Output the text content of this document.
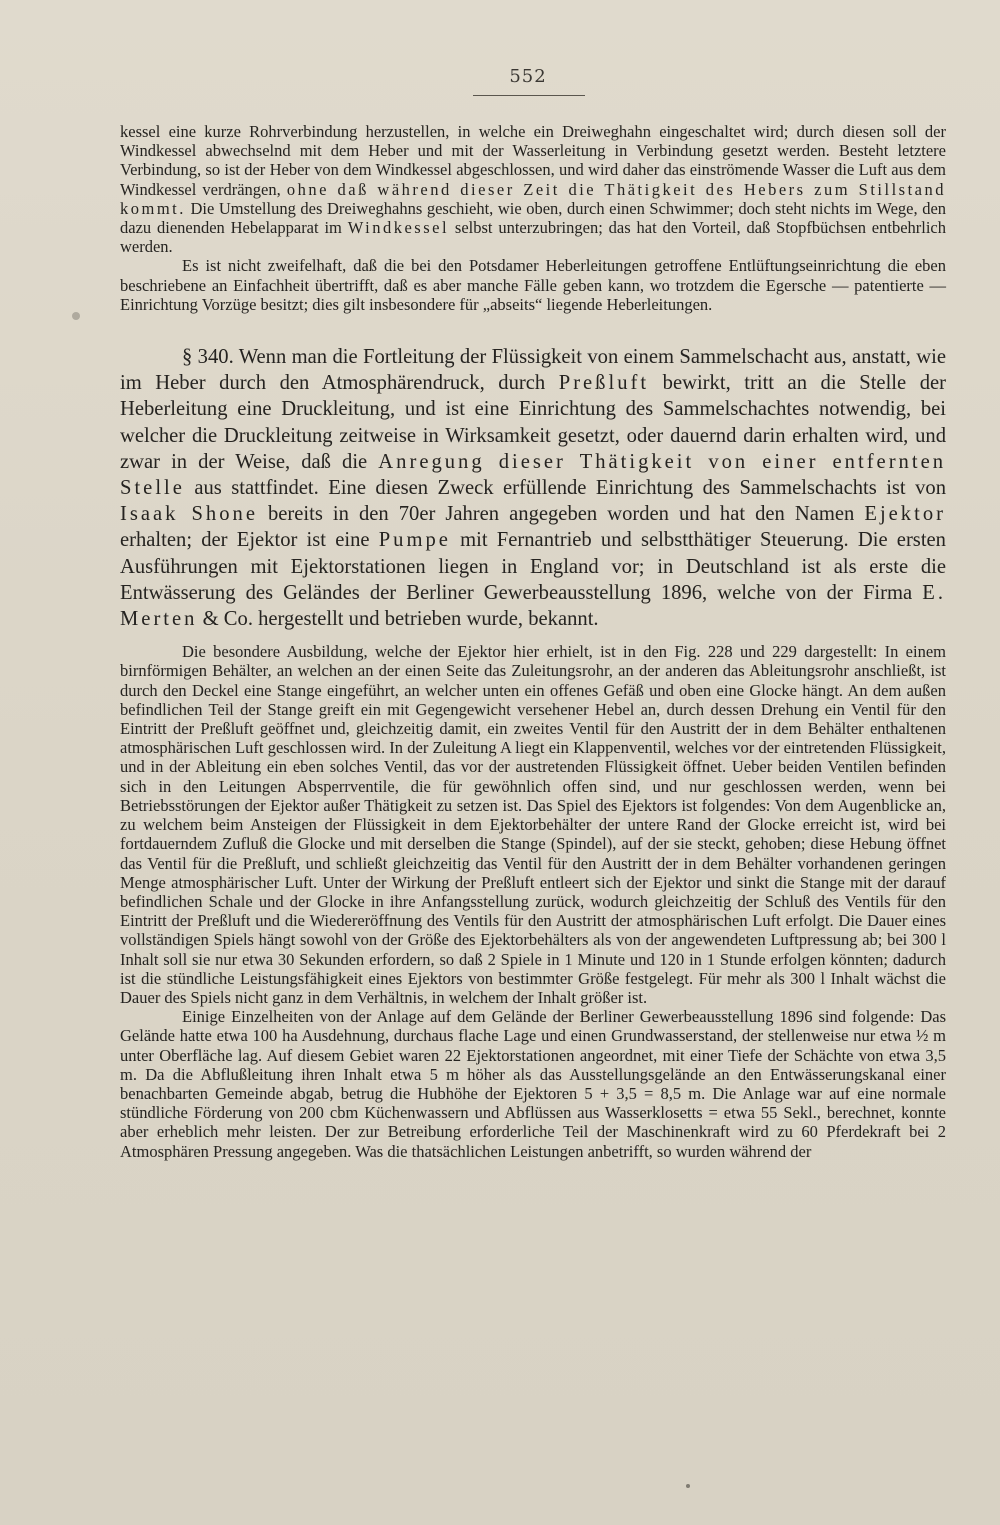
552

kessel eine kurze Rohrverbindung herzustellen, in welche ein Dreiweghahn eingeschaltet wird; durch diesen soll der Windkessel abwechselnd mit dem Heber und mit der Wasserleitung in Verbindung gesetzt werden. Besteht letztere Verbindung, so ist der Heber von dem Windkessel abgeschlossen, und wird daher das einströmende Wasser die Luft aus dem Windkessel verdrängen, ohne daß während dieser Zeit die Thätigkeit des Hebers zum Stillstand kommt. Die Umstellung des Dreiweghahns geschieht, wie oben, durch einen Schwimmer; doch steht nichts im Wege, den dazu dienenden Hebelapparat im Windkessel selbst unterzubringen; das hat den Vorteil, daß Stopfbüchsen entbehrlich werden.

Es ist nicht zweifelhaft, daß die bei den Potsdamer Heberleitungen getroffene Entlüftungseinrichtung die eben beschriebene an Einfachheit übertrifft, daß es aber manche Fälle geben kann, wo trotzdem die Egersche — patentierte — Einrichtung Vorzüge besitzt; dies gilt insbesondere für „abseits“ liegende Heberleitungen.

§ 340. Wenn man die Fortleitung der Flüssigkeit von einem Sammelschacht aus, anstatt, wie im Heber durch den Atmosphärendruck, durch Preßluft bewirkt, tritt an die Stelle der Heberleitung eine Druckleitung, und ist eine Einrichtung des Sammelschachtes notwendig, bei welcher die Druckleitung zeitweise in Wirksamkeit gesetzt, oder dauernd darin erhalten wird, und zwar in der Weise, daß die Anregung dieser Thätigkeit von einer entfernten Stelle aus stattfindet. Eine diesen Zweck erfüllende Einrichtung des Sammelschachts ist von Isaak Shone bereits in den 70er Jahren angegeben worden und hat den Namen Ejektor erhalten; der Ejektor ist eine Pumpe mit Fernantrieb und selbstthätiger Steuerung. Die ersten Ausführungen mit Ejektorstationen liegen in England vor; in Deutschland ist als erste die Entwässerung des Geländes der Berliner Gewerbeausstellung 1896, welche von der Firma E. Merten & Co. hergestellt und betrieben wurde, bekannt.

Die besondere Ausbildung, welche der Ejektor hier erhielt, ist in den Fig. 228 und 229 dargestellt: In einem birnförmigen Behälter, an welchen an der einen Seite das Zuleitungsrohr, an der anderen das Ableitungsrohr anschließt, ist durch den Deckel eine Stange eingeführt, an welcher unten ein offenes Gefäß und oben eine Glocke hängt. An dem außen befindlichen Teil der Stange greift ein mit Gegengewicht versehener Hebel an, durch dessen Drehung ein Ventil für den Eintritt der Preßluft geöffnet und, gleichzeitig damit, ein zweites Ventil für den Austritt der in dem Behälter enthaltenen atmosphärischen Luft geschlossen wird. In der Zuleitung A liegt ein Klappenventil, welches vor der eintretenden Flüssigkeit, und in der Ableitung ein eben solches Ventil, das vor der austretenden Flüssigkeit öffnet. Ueber beiden Ventilen befinden sich in den Leitungen Absperrventile, die für gewöhnlich offen sind, und nur geschlossen werden, wenn bei Betriebsstörungen der Ejektor außer Thätigkeit zu setzen ist. Das Spiel des Ejektors ist folgendes: Von dem Augenblicke an, zu welchem beim Ansteigen der Flüssigkeit in dem Ejektorbehälter der untere Rand der Glocke erreicht ist, wird bei fortdauerndem Zufluß die Glocke und mit derselben die Stange (Spindel), auf der sie steckt, gehoben; diese Hebung öffnet das Ventil für die Preßluft, und schließt gleichzeitig das Ventil für den Austritt der in dem Behälter vorhandenen geringen Menge atmosphärischer Luft. Unter der Wirkung der Preßluft entleert sich der Ejektor und sinkt die Stange mit der darauf befindlichen Schale und der Glocke in ihre Anfangsstellung zurück, wodurch gleichzeitig der Schluß des Ventils für den Eintritt der Preßluft und die Wiedereröffnung des Ventils für den Austritt der atmosphärischen Luft erfolgt. Die Dauer eines vollständigen Spiels hängt sowohl von der Größe des Ejektorbehälters als von der angewendeten Luftpressung ab; bei 300 l Inhalt soll sie nur etwa 30 Sekunden erfordern, so daß 2 Spiele in 1 Minute und 120 in 1 Stunde erfolgen könnten; dadurch ist die stündliche Leistungsfähigkeit eines Ejektors von bestimmter Größe festgelegt. Für mehr als 300 l Inhalt wächst die Dauer des Spiels nicht ganz in dem Verhältnis, in welchem der Inhalt größer ist.

Einige Einzelheiten von der Anlage auf dem Gelände der Berliner Gewerbeausstellung 1896 sind folgende: Das Gelände hatte etwa 100 ha Ausdehnung, durchaus flache Lage und einen Grundwasserstand, der stellenweise nur etwa ½ m unter Oberfläche lag. Auf diesem Gebiet waren 22 Ejektorstationen angeordnet, mit einer Tiefe der Schächte von etwa 3,5 m. Da die Abflußleitung ihren Inhalt etwa 5 m höher als das Ausstellungsgelände an den Entwässerungskanal einer benachbarten Gemeinde abgab, betrug die Hubhöhe der Ejektoren 5 + 3,5 = 8,5 m. Die Anlage war auf eine normale stündliche Förderung von 200 cbm Küchenwassern und Abflüssen aus Wasserklosetts = etwa 55 Sekl., berechnet, konnte aber erheblich mehr leisten. Der zur Betreibung erforderliche Teil der Maschinenkraft wird zu 60 Pferdekraft bei 2 Atmosphären Pressung angegeben. Was die thatsächlichen Leistungen anbetrifft, so wurden während der
